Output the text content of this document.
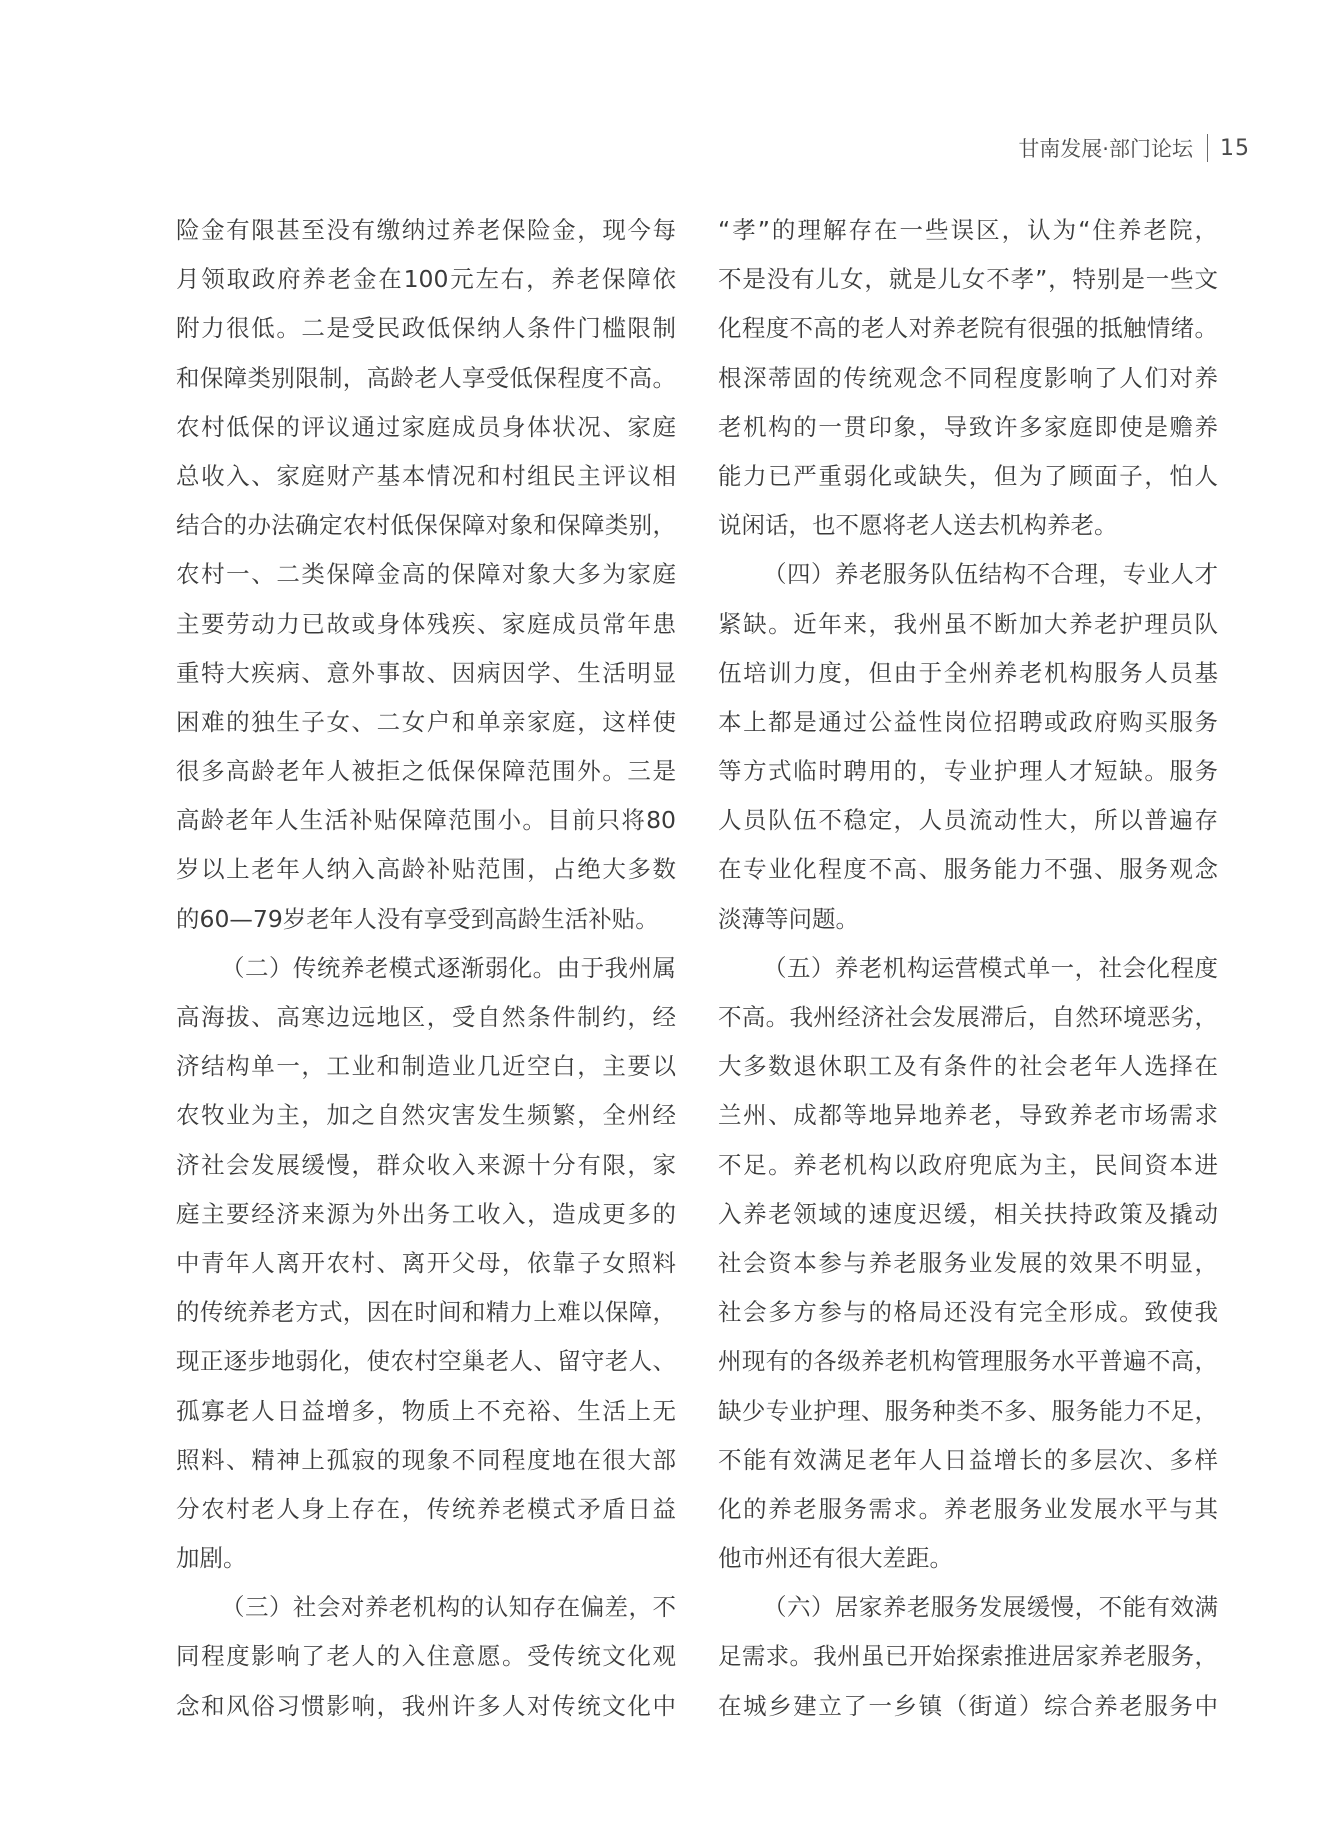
甘南发展·部门论坛 15
险金有限甚至没有缴纳过养老保险金，现今每
月领取政府养老金在100元左右，养老保障依
附力很低。二是受民政低保纳人条件门槛限制
和保障类别限制，高龄老人享受低保程度不高。
农村低保的评议通过家庭成员身体状况、家庭
总收入、家庭财产基本情况和村组民主评议相
结合的办法确定农村低保保障对象和保障类别，
农村一、二类保障金高的保障对象大多为家庭
主要劳动力已故或身体残疾、家庭成员常年患
重特大疾病、意外事故、因病因学、生活明显
困难的独生子女、二女户和单亲家庭，这样使
很多高龄老年人被拒之低保保障范围外。三是
高龄老年人生活补贴保障范围小。目前只将80
岁以上老年人纳入高龄补贴范围，占绝大多数
的60—79岁老年人没有享受到高龄生活补贴。
（二）传统养老模式逐渐弱化。由于我州属
高海拔、高寒边远地区，受自然条件制约，经
济结构单一，工业和制造业几近空白，主要以
农牧业为主，加之自然灾害发生频繁，全州经
济社会发展缓慢，群众收入来源十分有限，家
庭主要经济来源为外出务工收入，造成更多的
中青年人离开农村、离开父母，依靠子女照料
的传统养老方式，因在时间和精力上难以保障，
现正逐步地弱化，使农村空巢老人、留守老人、
孤寡老人日益增多，物质上不充裕、生活上无
照料、精神上孤寂的现象不同程度地在很大部
分农村老人身上存在，传统养老模式矛盾日益
加剧。
（三）社会对养老机构的认知存在偏差，不
同程度影响了老人的入住意愿。受传统文化观
念和风俗习惯影响，我州许多人对传统文化中
“孝”的理解存在一些误区，认为“住养老院，
不是没有儿女，就是儿女不孝”，特别是一些文
化程度不高的老人对养老院有很强的抵触情绪。
根深蒂固的传统观念不同程度影响了人们对养
老机构的一贯印象，导致许多家庭即使是赡养
能力已严重弱化或缺失，但为了顾面子，怕人
说闲话，也不愿将老人送去机构养老。
（四）养老服务队伍结构不合理，专业人才
紧缺。近年来，我州虽不断加大养老护理员队
伍培训力度，但由于全州养老机构服务人员基
本上都是通过公益性岗位招聘或政府购买服务
等方式临时聘用的，专业护理人才短缺。服务
人员队伍不稳定，人员流动性大，所以普遍存
在专业化程度不高、服务能力不强、服务观念
淡薄等问题。
（五）养老机构运营模式单一，社会化程度
不高。我州经济社会发展滞后，自然环境恶劣，
大多数退休职工及有条件的社会老年人选择在
兰州、成都等地异地养老，导致养老市场需求
不足。养老机构以政府兜底为主，民间资本进
入养老领域的速度迟缓，相关扶持政策及撬动
社会资本参与养老服务业发展的效果不明显，
社会多方参与的格局还没有完全形成。致使我
州现有的各级养老机构管理服务水平普遍不高，
缺少专业护理、服务种类不多、服务能力不足，
不能有效满足老年人日益增长的多层次、多样
化的养老服务需求。养老服务业发展水平与其
他市州还有很大差距。
（六）居家养老服务发展缓慢，不能有效满
足需求。我州虽已开始探索推进居家养老服务，
在城乡建立了一乡镇（街道）综合养老服务中
